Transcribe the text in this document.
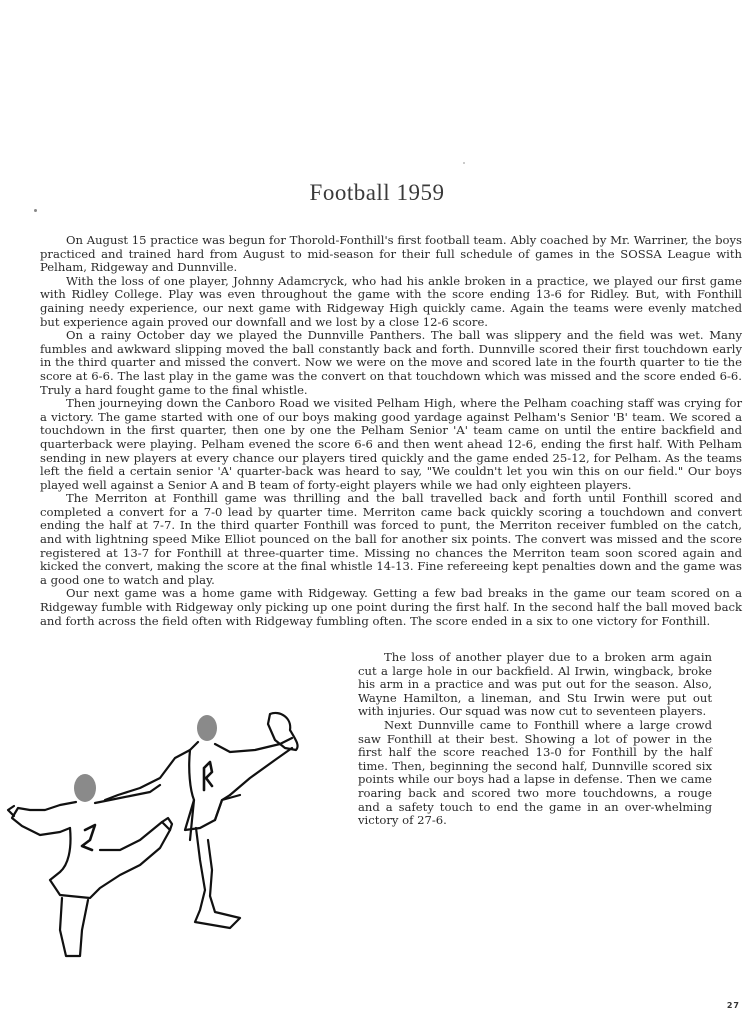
Football 1959

On August 15 practice was begun for Thorold-Fonthill's first football team. Ably coached by Mr. Warriner, the boys practiced and trained hard from August to mid-season for their full schedule of games in the SOSSA League with Pelham, Ridgeway and Dunnville.

With the loss of one player, Johnny Adamcryck, who had his ankle broken in a practice, we played our first game with Ridley College. Play was even throughout the game with the score ending 13-6 for Ridley. But, with Fonthill gaining needy experience, our next game with Ridgeway High quickly came. Again the teams were evenly matched but experience again proved our downfall and we lost by a close 12-6 score.

On a rainy October day we played the Dunnville Panthers. The ball was slippery and the field was wet. Many fumbles and awkward slipping moved the ball constantly back and forth. Dunnville scored their first touchdown early in the third quarter and missed the convert. Now we were on the move and scored late in the fourth quarter to tie the score at 6-6. The last play in the game was the convert on that touchdown which was missed and the score ended 6-6. Truly a hard fought game to the final whistle.

Then journeying down the Canboro Road we visited Pelham High, where the Pelham coaching staff was crying for a victory. The game started with one of our boys making good yardage against Pelham's Senior 'B' team. We scored a touchdown in the first quarter, then one by one the Pelham Senior 'A' team came on until the entire backfield and quarterback were playing. Pelham evened the score 6-6 and then went ahead 12-6, ending the first half. With Pelham sending in new players at every chance our players tired quickly and the game ended 25-12, for Pelham. As the teams left the field a certain senior 'A' quarter-back was heard to say, "We couldn't let you win this on our field." Our boys played well against a Senior A and B team of forty-eight players while we had only eighteen players.

The Merriton at Fonthill game was thrilling and the ball travelled back and forth until Fonthill scored and completed a convert for a 7-0 lead by quarter time. Merriton came back quickly scoring a touchdown and convert ending the half at 7-7. In the third quarter Fonthill was forced to punt, the Merriton receiver fumbled on the catch, and with lightning speed Mike Elliot pounced on the ball for another six points. The convert was missed and the score registered at 13-7 for Fonthill at three-quarter time. Missing no chances the Merriton team soon scored again and kicked the convert, making the score at the final whistle 14-13. Fine refereeing kept penalties down and the game was a good one to watch and play.

Our next game was a home game with Ridgeway. Getting a few bad breaks in the game our team scored on a Ridgeway fumble with Ridgeway only picking up one point during the first half. In the second half the ball moved back and forth across the field often with Ridgeway fumbling often. The score ended in a six to one victory for Fonthill.

The loss of another player due to a broken arm again cut a large hole in our backfield. Al Irwin, wingback, broke his arm in a practice and was put out for the season. Also, Wayne Hamilton, a lineman, and Stu Irwin were put out with injuries. Our squad was now cut to seventeen players.

Next Dunnville came to Fonthill where a large crowd saw Fonthill at their best. Showing a lot of power in the first half the score reached 13-0 for Fonthill by the half time. Then, beginning the second half, Dunnville scored six points while our boys had a lapse in defense. Then we came roaring back and scored two more touchdowns, a rouge and a safety touch to end the game in an over-whelming victory of 27-6.

27
